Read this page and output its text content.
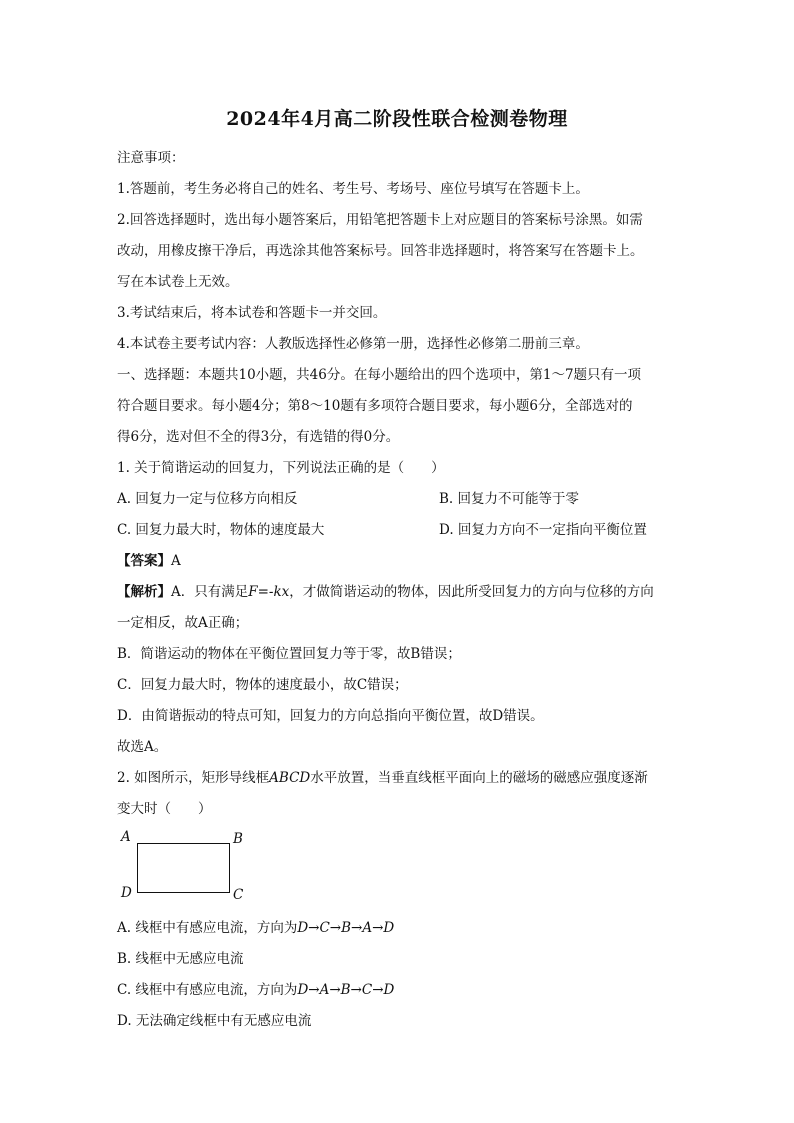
2024年4月高二阶段性联合检测卷物理
注意事项：
1.答题前，考生务必将自己的姓名、考生号、考场号、座位号填写在答题卡上。
2.回答选择题时，选出每小题答案后，用铅笔把答题卡上对应题目的答案标号涂黑。如需
改动，用橡皮擦干净后，再选涂其他答案标号。回答非选择题时，将答案写在答题卡上。
写在本试卷上无效。
3.考试结束后，将本试卷和答题卡一并交回。
4.本试卷主要考试内容：人教版选择性必修第一册，选择性必修第二册前三章。
一、选择题：本题共10小题，共46分。在每小题给出的四个选项中，第1～7题只有一项
符合题目要求。每小题4分；第8～10题有多项符合题目要求，每小题6分，全部选对的
得6分，选对但不全的得3分，有选错的得0分。
1. 关于简谐运动的回复力，下列说法正确的是（　　）
A. 回复力一定与位移方向相反	B. 回复力不可能等于零
C. 回复力最大时，物体的速度最大	D. 回复力方向不一定指向平衡位置
【答案】A
【解析】A．只有满足F=-kx，才做简谐运动的物体，因此所受回复力的方向与位移的方向
一定相反，故A正确；
B．简谐运动的物体在平衡位置回复力等于零，故B错误；
C．回复力最大时，物体的速度最小，故C错误；
D．由简谐振动的特点可知，回复力的方向总指向平衡位置，故D错误。
故选A。
2. 如图所示，矩形导线框ABCD水平放置，当垂直线框平面向上的磁场的磁感应强度逐渐
变大时（　　）
A	B
C
D
A. 线框中有感应电流，方向为D→C→B→A→D
B. 线框中无感应电流
C. 线框中有感应电流，方向为D→A→B→C→D
D. 无法确定线框中有无感应电流
